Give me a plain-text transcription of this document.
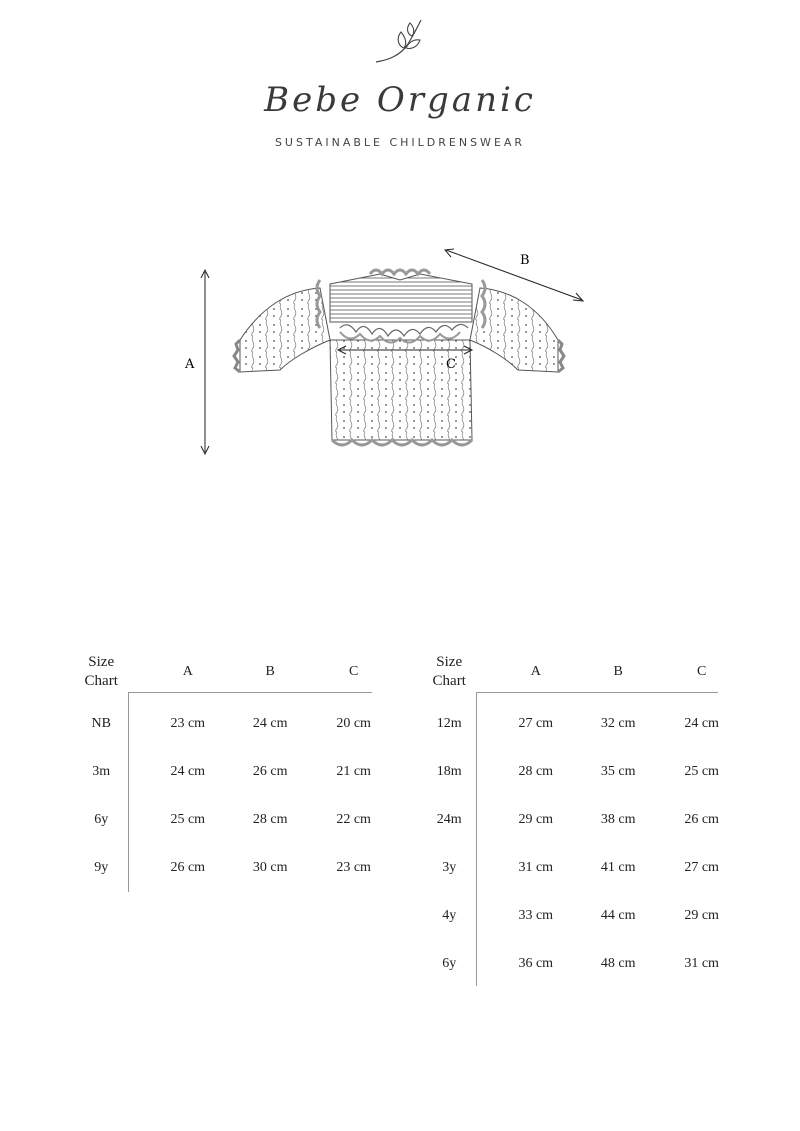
Bebe Organic
SUSTAINABLE CHILDRENSWEAR
A
B
C
Size
Chart	A	B	C
NB	23 cm	24 cm	20 cm
3m	24 cm	26 cm	21 cm
6y	25 cm	28 cm	22 cm
9y	26 cm	30 cm	23 cm
Size
Chart	A	B	C
12m	27 cm	32 cm	24 cm
18m	28 cm	35 cm	25 cm
24m	29 cm	38 cm	26 cm
3y	31 cm	41 cm	27 cm
4y	33 cm	44 cm	29 cm
6y	36 cm	48 cm	31 cm
